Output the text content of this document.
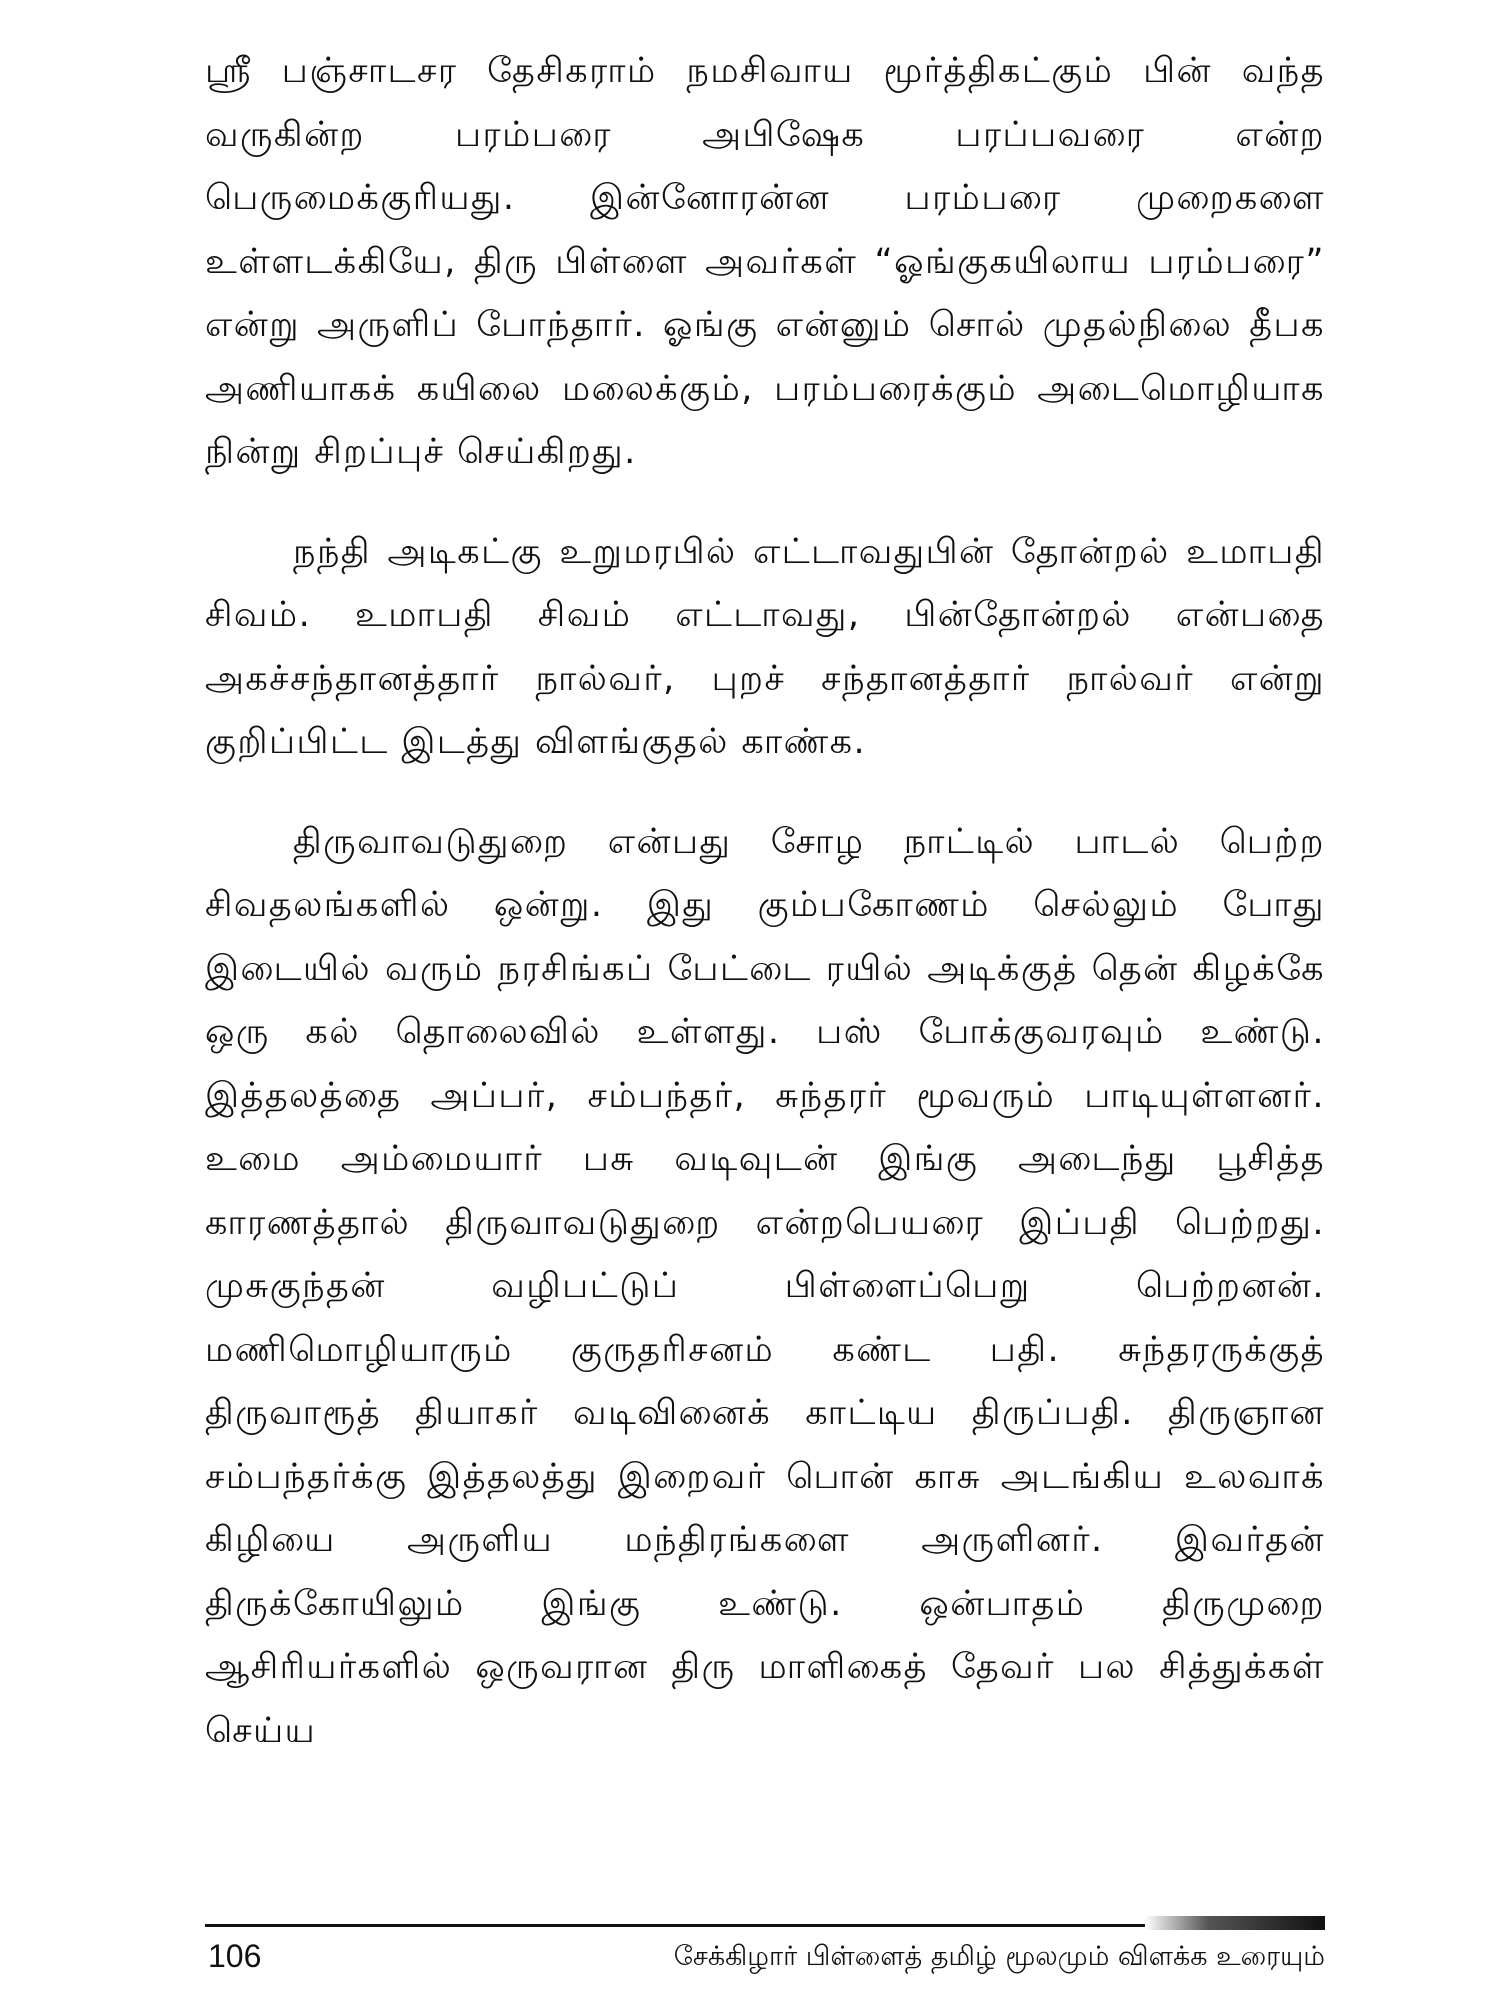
ஸ்ரீ பஞ்சாடசர தேசிகராம் நமசிவாய மூர்த்திகட்கும் பின் வந்த வருகின்ற பரம்பரை அபிஷேக பரப்பவரை என்ற பெருமைக்குரியது. இன்னோரன்ன பரம்பரை முறைகளை உள்ளடக்கியே, திரு பிள்ளை அவர்கள் “ஓங்குகயிலாய பரம்பரை” என்று அருளிப் போந்தார். ஓங்கு என்னும் சொல் முதல்நிலை தீபக அணியாகக் கயிலை மலைக்கும், பரம்பரைக்கும் அடைமொழியாக நின்று சிறப்புச் செய்கிறது.

நந்தி அடிகட்கு உறுமரபில் எட்டாவதுபின் தோன்றல் உமாபதி சிவம். உமாபதி சிவம் எட்டாவது, பின்தோன்றல் என்பதை அகச்சந்தானத்தார் நால்வர், புறச் சந்தானத்தார் நால்வர் என்று குறிப்பிட்ட இடத்து விளங்குதல் காண்க.

திருவாவடுதுறை என்பது சோழ நாட்டில் பாடல் பெற்ற சிவதலங்களில் ஒன்று. இது கும்பகோணம் செல்லும் போது இடையில் வரும் நரசிங்கப் பேட்டை ரயில் அடிக்குத் தென் கிழக்கே ஒரு கல் தொலைவில் உள்ளது. பஸ் போக்குவரவும் உண்டு. இத்தலத்தை அப்பர், சம்பந்தர், சுந்தரர் மூவரும் பாடியுள்ளனர். உமை அம்மையார் பசு வடிவுடன் இங்கு அடைந்து பூசித்த காரணத்தால் திருவாவடுதுறை என்றபெயரை இப்பதி பெற்றது. முசுகுந்தன் வழிபட்டுப் பிள்ளைப்பெறு பெற்றனன். மணிமொழியாரும் குருதரிசனம் கண்ட பதி. சுந்தரருக்குத் திருவாரூத் தியாகர் வடிவினைக் காட்டிய திருப்பதி. திருஞான சம்பந்தர்க்கு இத்தலத்து இறைவர் பொன் காசு அடங்கிய உலவாக் கிழியை அருளிய மந்திரங்களை அருளினர். இவர்தன் திருக்கோயிலும் இங்கு உண்டு. ஒன்பாதம் திருமுறை ஆசிரியர்களில் ஒருவரான திரு மாளிகைத் தேவர் பல சித்துக்கள் செய்ய

106	சேக்கிழார் பிள்ளைத் தமிழ் மூலமும் விளக்க உரையும்
